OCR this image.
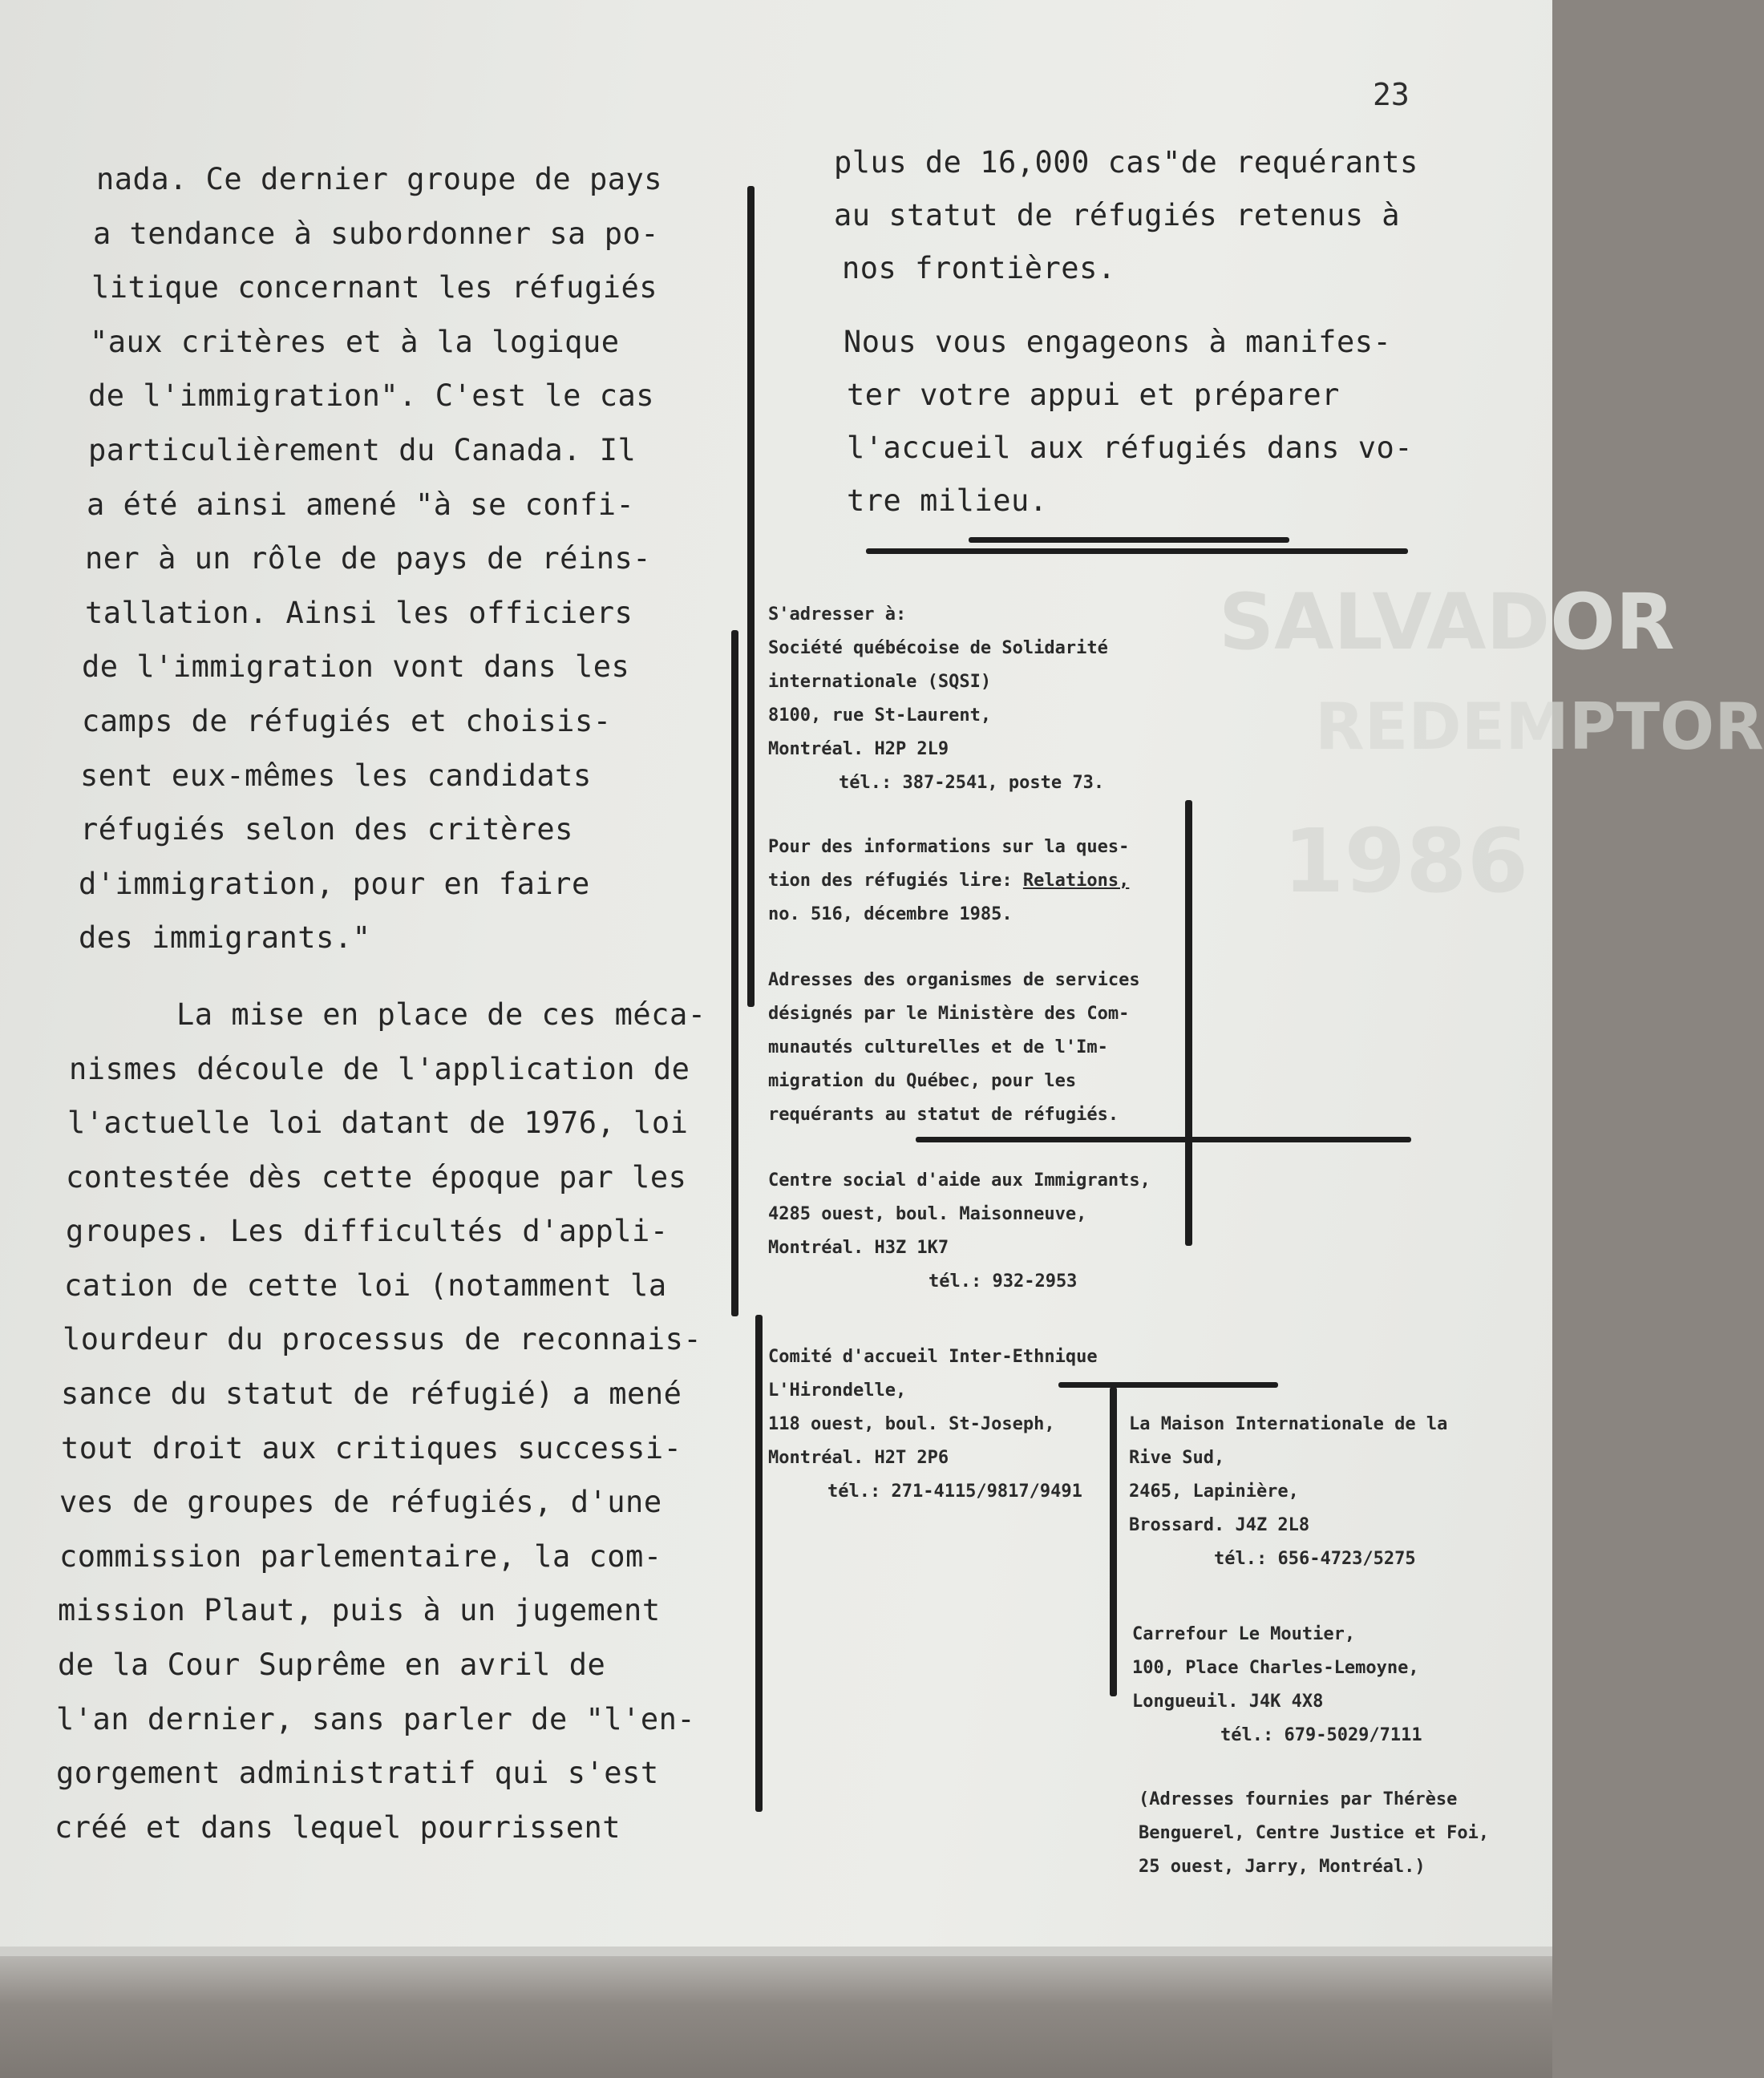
SALVADOR
REDEMPTOR
1986
23
nada. Ce dernier groupe de pays
a tendance à subordonner sa po-
litique concernant les réfugiés
"aux critères et à la logique
de l'immigration". C'est le cas
particulièrement du Canada. Il
a été ainsi amené "à se confi-
ner à un rôle de pays de réins-
tallation. Ainsi les officiers
de l'immigration vont dans les
camps de réfugiés et choisis-
sent eux-mêmes les candidats
réfugiés selon des critères
d'immigration, pour en faire
des immigrants."
La mise en place de ces méca-
nismes découle de l'application de
l'actuelle loi datant de 1976, loi
contestée dès cette époque par les
groupes. Les difficultés d'appli-
cation de cette loi (notamment la
lourdeur du processus de reconnais-
sance du statut de réfugié) a mené
tout droit aux critiques successi-
ves de groupes de réfugiés, d'une
commission parlementaire, la com-
mission Plaut, puis à un jugement
de la Cour Suprême en avril de
l'an dernier, sans parler de "l'en-
gorgement administratif qui s'est
créé et dans lequel pourrissent
plus de 16,000 cas"de requérants
au statut de réfugiés retenus à
nos frontières.
Nous vous engageons à manifes-
ter votre appui et préparer
l'accueil aux réfugiés dans vo-
tre milieu.
S'adresser à:
Société québécoise de Solidarité
internationale (SQSI)
8100, rue St-Laurent,
Montréal. H2P 2L9
tél.: 387-2541, poste 73.
Pour des informations sur la ques-
tion des réfugiés lire: Relations,
no. 516, décembre 1985.
Adresses des organismes de services
désignés par le Ministère des Com-
munautés culturelles et de l'Im-
migration du Québec, pour les
requérants au statut de réfugiés.
Centre social d'aide aux Immigrants,
4285 ouest, boul. Maisonneuve,
Montréal. H3Z 1K7
tél.: 932-2953
Comité d'accueil Inter-Ethnique
L'Hirondelle,
118 ouest, boul. St-Joseph,
Montréal. H2T 2P6
tél.: 271-4115/9817/9491
La Maison Internationale de la
Rive Sud,
2465, Lapinière,
Brossard. J4Z 2L8
tél.: 656-4723/5275
Carrefour Le Moutier,
100, Place Charles-Lemoyne,
Longueuil. J4K 4X8
tél.: 679-5029/7111
(Adresses fournies par Thérèse
Benguerel, Centre Justice et Foi,
25 ouest, Jarry, Montréal.)
